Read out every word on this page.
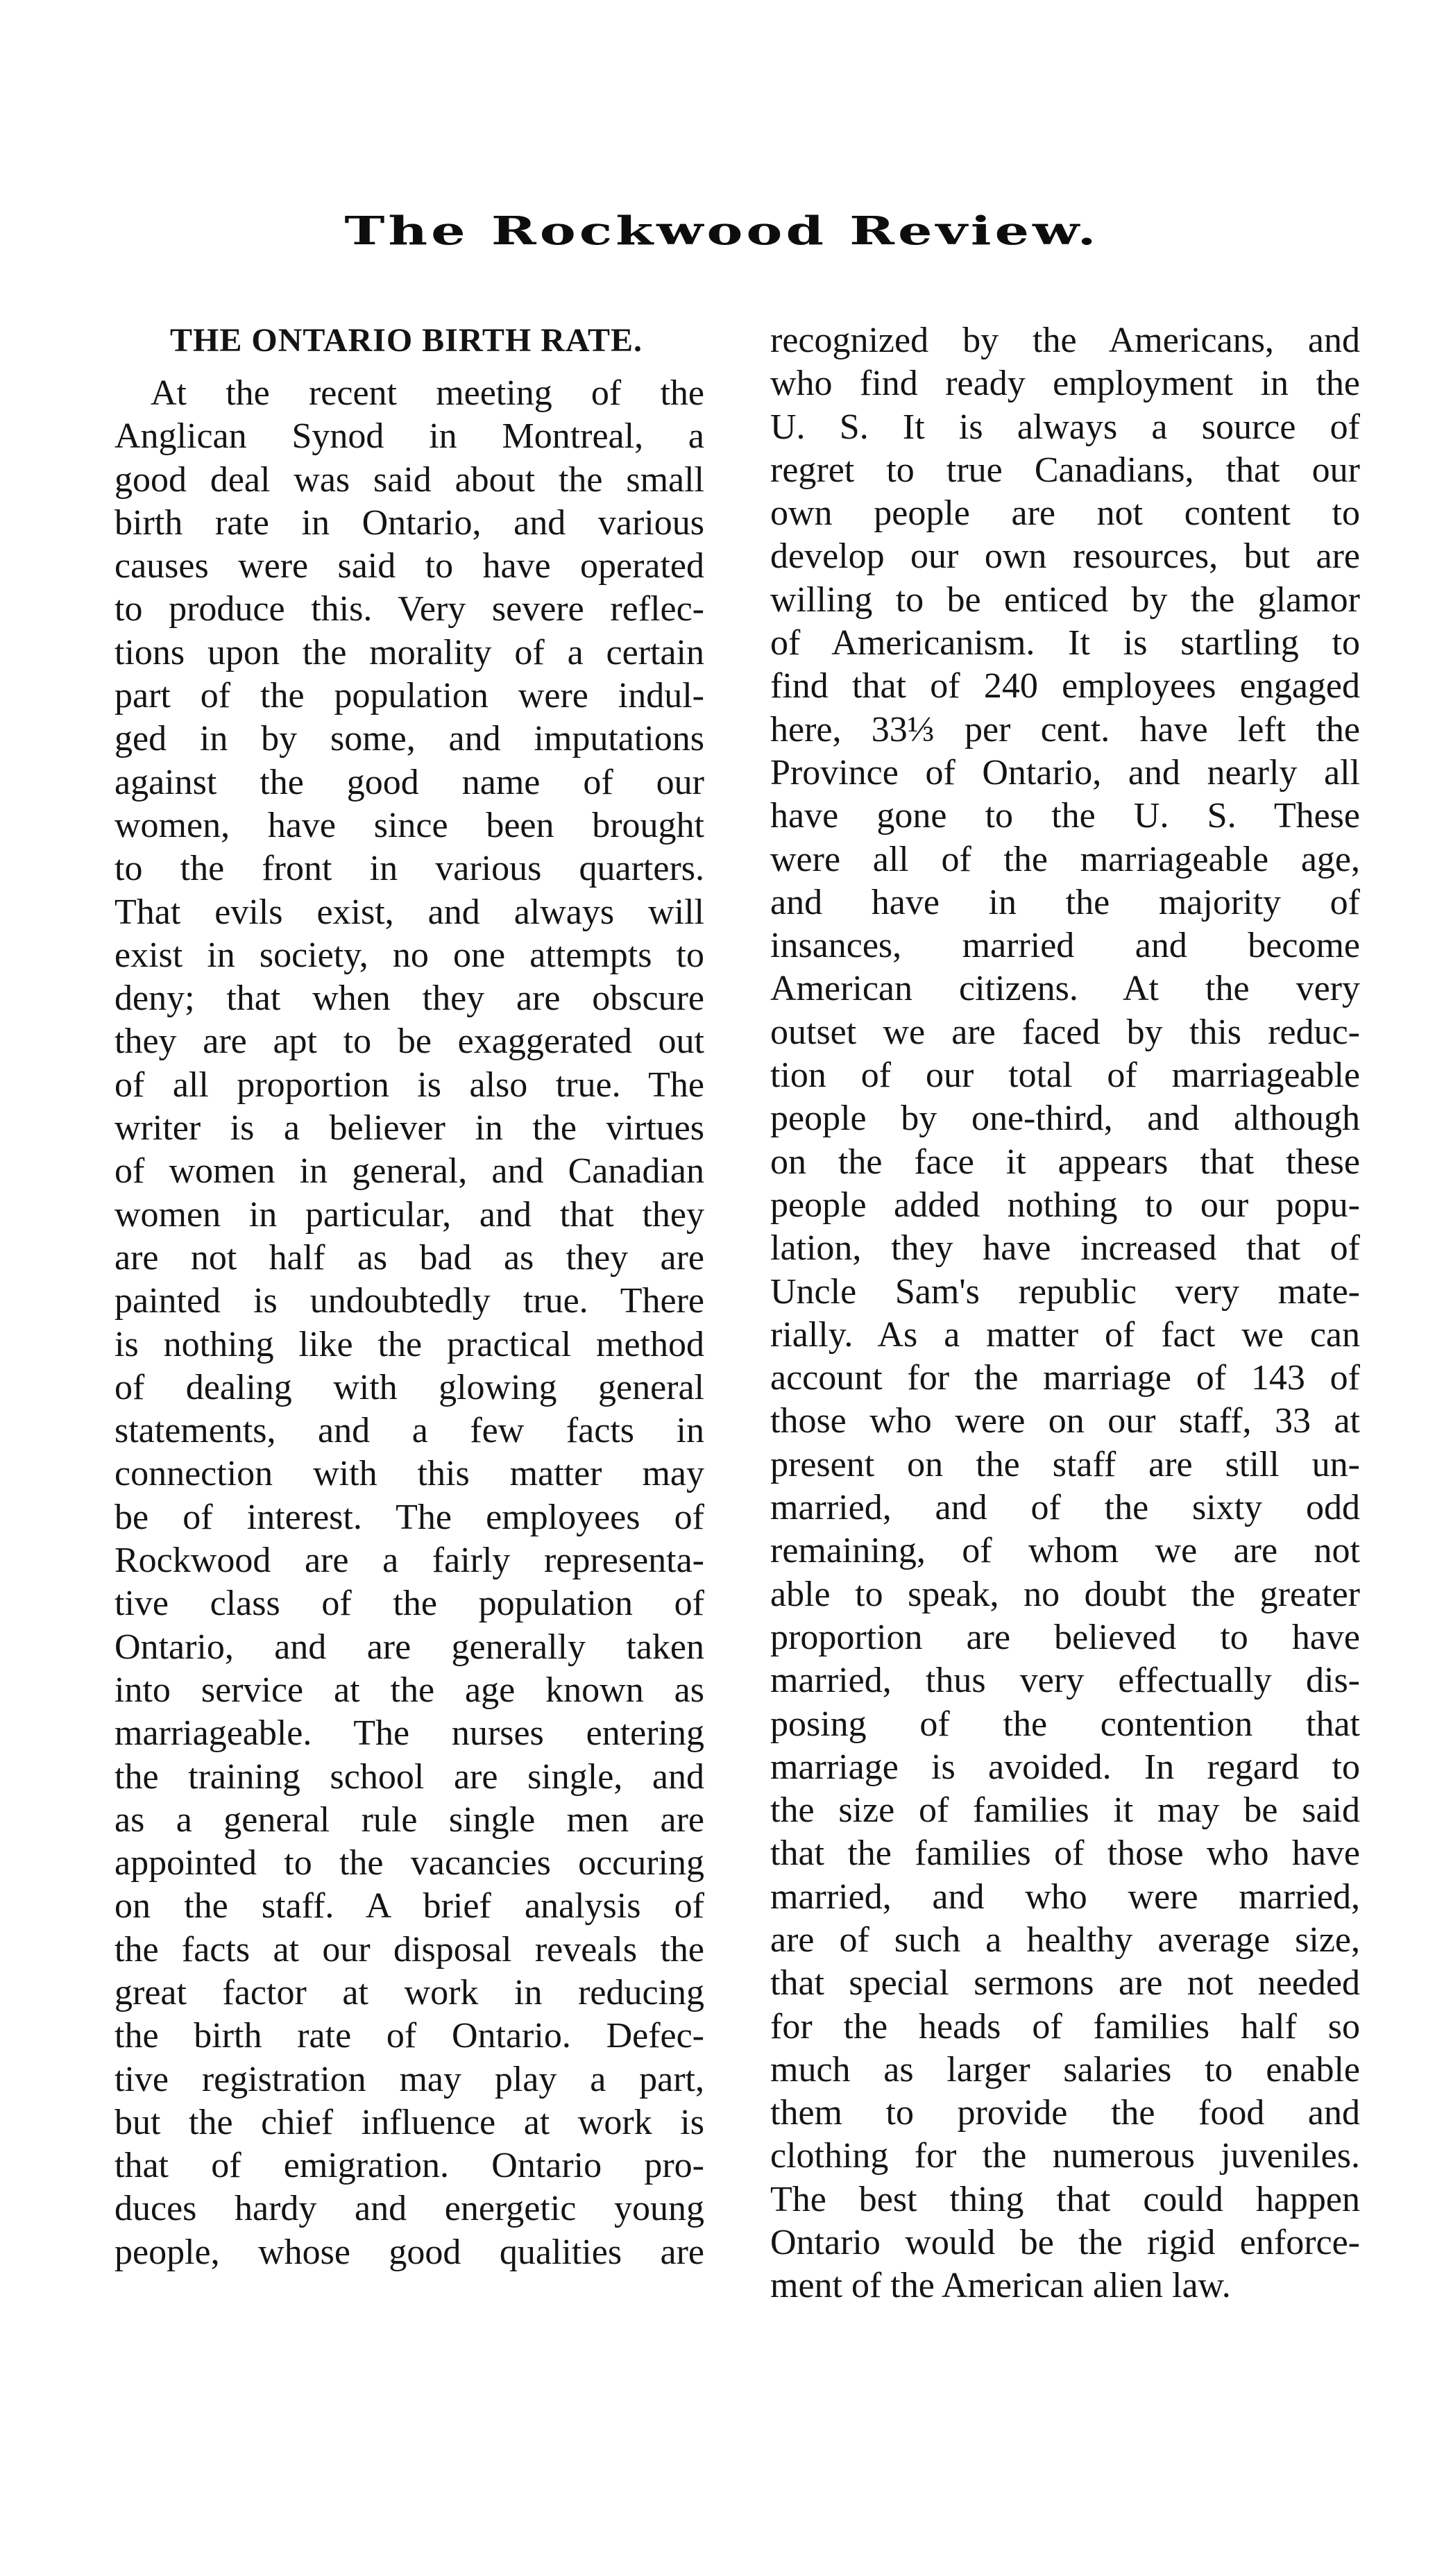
The Rockwood Review.
THE ONTARIO BIRTH RATE.
At the recent meeting of the
Anglican Synod in Montreal, a
good deal was said about the small
birth rate in Ontario, and various
causes were said to have operated
to produce this. Very severe reflec-
tions upon the morality of a certain
part of the population were indul-
ged in by some, and imputations
against the good name of our
women, have since been brought
to the front in various quarters.
That evils exist, and always will
exist in society, no one attempts to
deny; that when they are obscure
they are apt to be exaggerated out
of all proportion is also true. The
writer is a believer in the virtues
of women in general, and Canadian
women in particular, and that they
are not half as bad as they are
painted is undoubtedly true. There
is nothing like the practical method
of dealing with glowing general
statements, and a few facts in
connection with this matter may
be of interest. The employees of
Rockwood are a fairly representa-
tive class of the population of
Ontario, and are generally taken
into service at the age known as
marriageable. The nurses entering
the training school are single, and
as a general rule single men are
appointed to the vacancies occuring
on the staff. A brief analysis of
the facts at our disposal reveals the
great factor at work in reducing
the birth rate of Ontario. Defec-
tive registration may play a part,
but the chief influence at work is
that of emigration. Ontario pro-
duces hardy and energetic young
people, whose good qualities are
recognized by the Americans, and
who find ready employment in the
U. S. It is always a source of
regret to true Canadians, that our
own people are not content to
develop our own resources, but are
willing to be enticed by the glamor
of Americanism. It is startling to
find that of 240 employees engaged
here, 33⅓ per cent. have left the
Province of Ontario, and nearly all
have gone to the U. S. These
were all of the marriageable age,
and have in the majority of
insances, married and become
American citizens. At the very
outset we are faced by this reduc-
tion of our total of marriageable
people by one-third, and although
on the face it appears that these
people added nothing to our popu-
lation, they have increased that of
Uncle Sam's republic very mate-
rially. As a matter of fact we can
account for the marriage of 143 of
those who were on our staff, 33 at
present on the staff are still un-
married, and of the sixty odd
remaining, of whom we are not
able to speak, no doubt the greater
proportion are believed to have
married, thus very effectually dis-
posing of the contention that
marriage is avoided. In regard to
the size of families it may be said
that the families of those who have
married, and who were married,
are of such a healthy average size,
that special sermons are not needed
for the heads of families half so
much as larger salaries to enable
them to provide the food and
clothing for the numerous juveniles.
The best thing that could happen
Ontario would be the rigid enforce-
ment of the American alien law.
